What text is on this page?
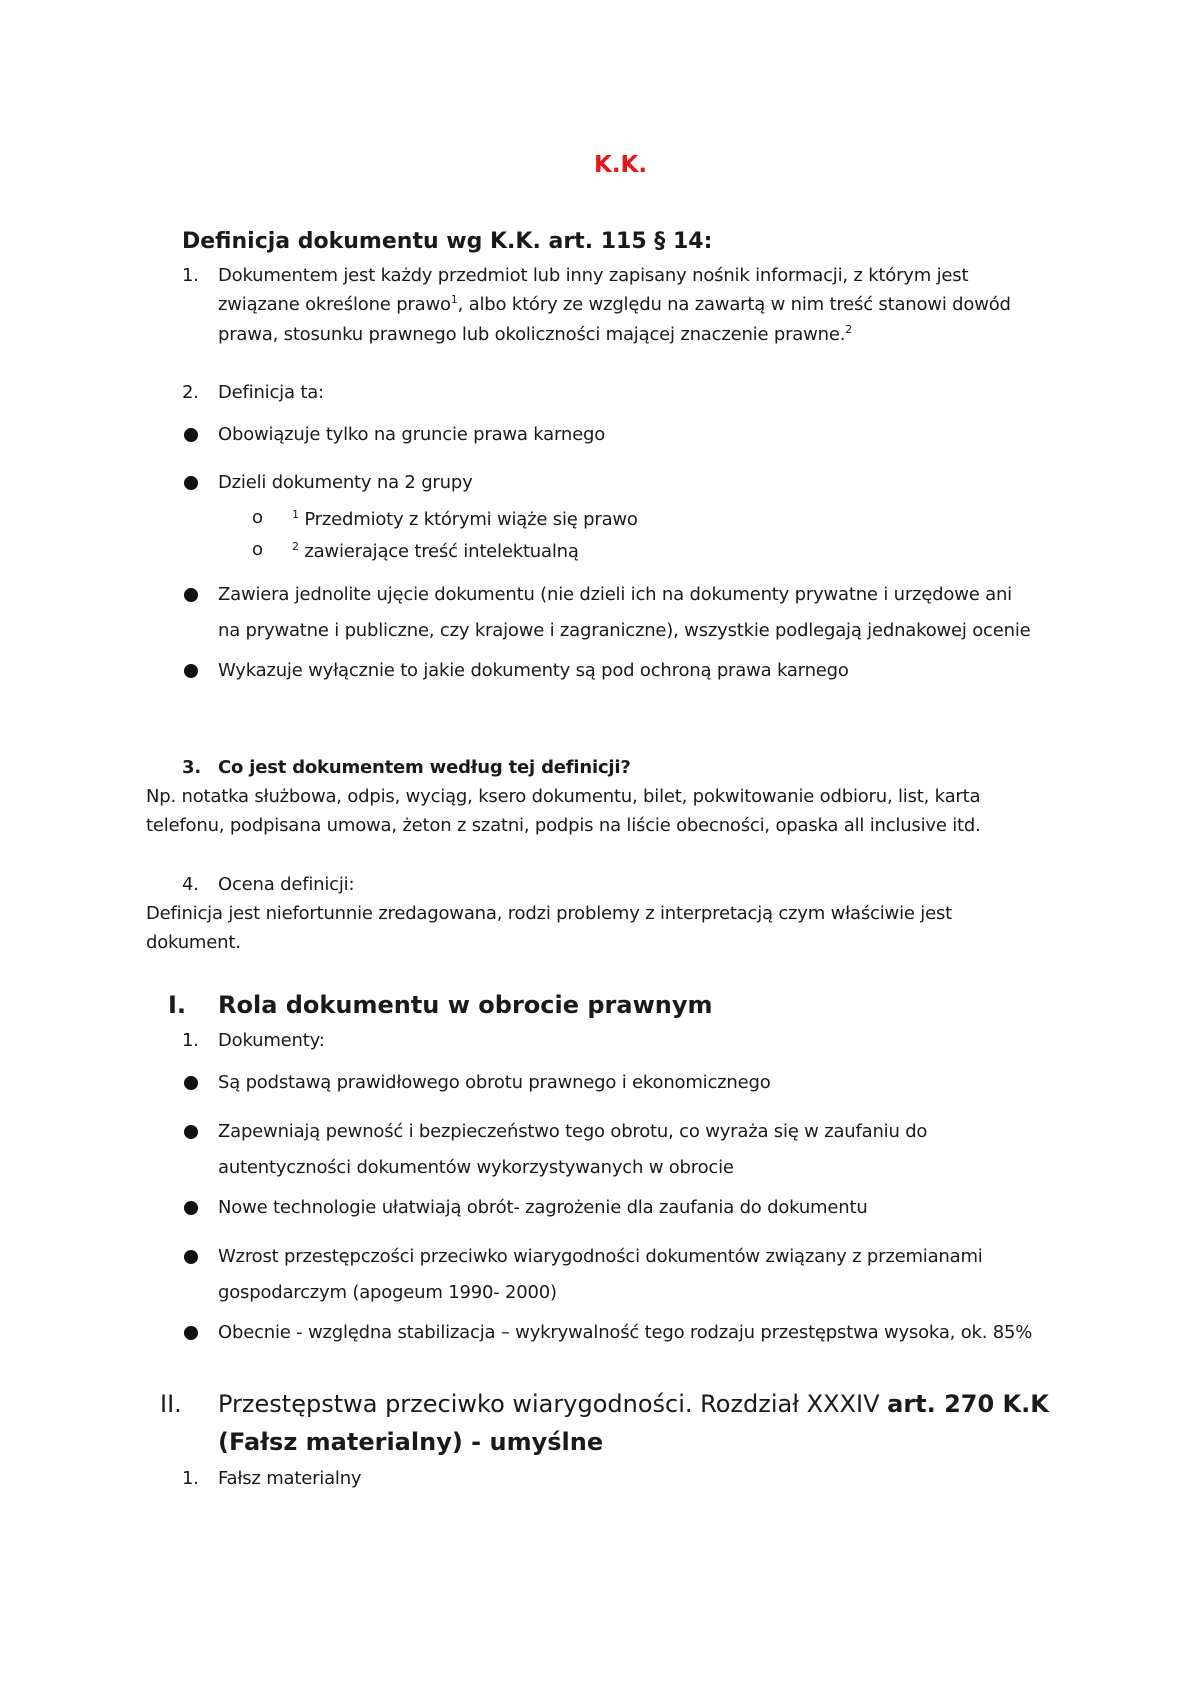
K.K.
Definicja dokumentu wg K.K. art. 115 § 14:
1. Dokumentem jest każdy przedmiot lub inny zapisany nośnik informacji, z którym jest
związane określone prawo$^1$, albo który ze względu na zawartą w nim treść stanowi dowód
prawa, stosunku prawnego lub okoliczności mającej znaczenie prawne.$^2$
2. Definicja ta:
Obowiązuje tylko na gruncie prawa karnego
Dzieli dokumenty na 2 grupy
o	$^1$ Przedmioty z którymi wiąże się prawo
o	$^2$ zawierające treść intelektualną
Zawiera jednolite ujęcie dokumentu (nie dzieli ich na dokumenty prywatne i urzędowe ani
na prywatne i publiczne, czy krajowe i zagraniczne), wszystkie podlegają jednakowej ocenie
Wykazuje wyłącznie to jakie dokumenty są pod ochroną prawa karnego
3. Co jest dokumentem według tej definicji?
Np. notatka służbowa, odpis, wyciąg, ksero dokumentu, bilet, pokwitowanie odbioru, list, karta
telefonu, podpisana umowa, żeton z szatni, podpis na liście obecności, opaska all inclusive itd.
4. Ocena definicji:
Definicja jest niefortunnie zredagowana, rodzi problemy z interpretacją czym właściwie jest
dokument.
I. Rola dokumentu w obrocie prawnym
1. Dokumenty:
Są podstawą prawidłowego obrotu prawnego i ekonomicznego
Zapewniają pewność i bezpieczeństwo tego obrotu, co wyraża się w zaufaniu do
autentyczności dokumentów wykorzystywanych w obrocie
Nowe technologie ułatwiają obrót- zagrożenie dla zaufania do dokumentu
Wzrost przestępczości przeciwko wiarygodności dokumentów związany z przemianami
gospodarczym (apogeum 1990- 2000)
Obecnie - względna stabilizacja – wykrywalność tego rodzaju przestępstwa wysoka, ok. 85%
II. Przestępstwa przeciwko wiarygodności. Rozdział XXXIV art. 270 K.K
(Fałsz materialny) - umyślne
1. Fałsz materialny
